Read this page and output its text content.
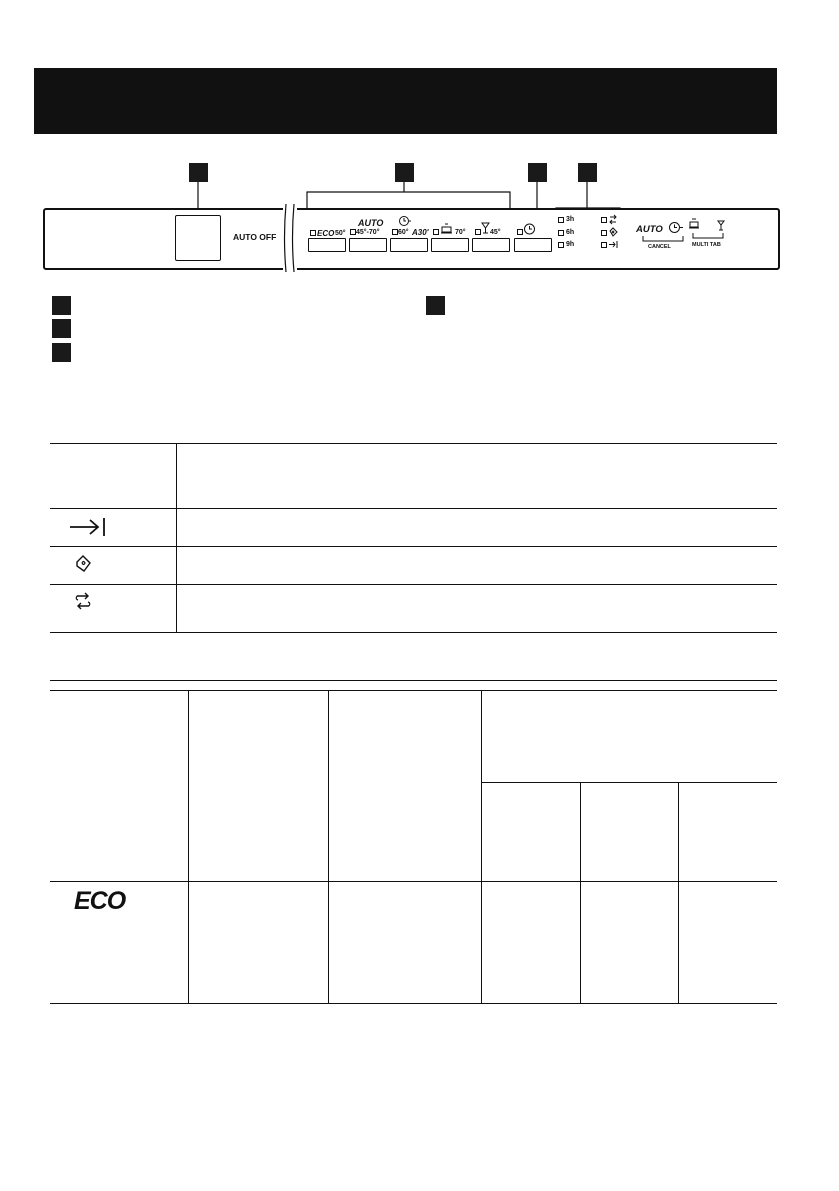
AUTO OFF	ECO 50°
AUTO
45°-70°	60° A30'	70°	45°
3h
6h
9h
AUTO
CANCEL	MULTI TAB
ECO
